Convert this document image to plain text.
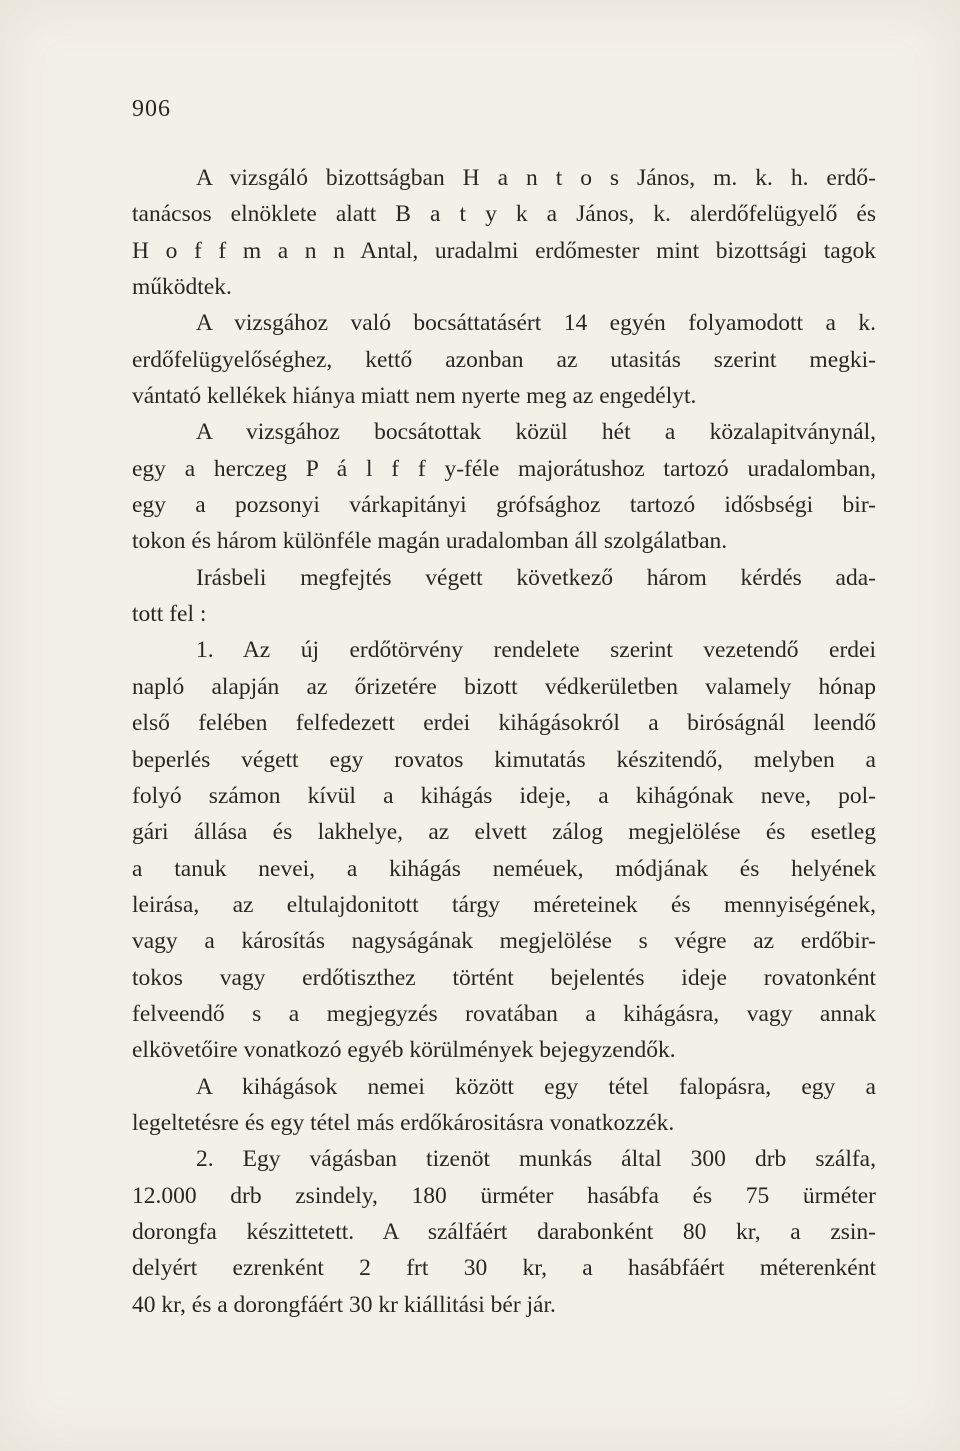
906
A vizsgáló bizottságban H a n t o s János, m. k. h. erdő-
tanácsos elnöklete alatt B a t y k a János, k. alerdőfelügyelő és
H o f f m a n n Antal, uradalmi erdőmester mint bizottsági tagok
működtek.
A vizsgához való bocsáttatásért 14 egyén folyamodott a k.
erdőfelügyelőséghez, kettő azonban az utasitás szerint megki-
vántató kellékek hiánya miatt nem nyerte meg az engedélyt.
A vizsgához bocsátottak közül hét a közalapitványnál,
egy a herczeg P á l f f y-féle majorátushoz tartozó uradalomban,
egy a pozsonyi várkapitányi grófsághoz tartozó idősbségi bir-
tokon és három különféle magán uradalomban áll szolgálatban.
Irásbeli megfejtés végett következő három kérdés ada-
tott fel :
1. Az új erdőtörvény rendelete szerint vezetendő erdei
napló alapján az őrizetére bizott védkerületben valamely hónap
első felében felfedezett erdei kihágásokról a biróságnál leendő
beperlés végett egy rovatos kimutatás készitendő, melyben a
folyó számon kívül a kihágás ideje, a kihágónak neve, pol-
gári állása és lakhelye, az elvett zálog megjelölése és esetleg
a tanuk nevei, a kihágás neméuek, módjának és helyének
leirása, az eltulajdonitott tárgy méreteinek és mennyiségének,
vagy a károsítás nagyságának megjelölése s végre az erdőbir-
tokos vagy erdőtiszthez történt bejelentés ideje rovatonként
felveendő s a megjegyzés rovatában a kihágásra, vagy annak
elkövetőire vonatkozó egyéb körülmények bejegyzendők.
A kihágások nemei között egy tétel falopásra, egy a
legeltetésre és egy tétel más erdőkárositásra vonatkozzék.
2. Egy vágásban tizenöt munkás által 300 drb szálfa,
12.000 drb zsindely, 180 ürméter hasábfa és 75 ürméter
dorongfa készittetett. A szálfáért darabonként 80 kr, a zsin-
delyért ezrenként 2 frt 30 kr, a hasábfáért méterenként
40 kr, és a dorongfáért 30 kr kiállitási bér jár.
